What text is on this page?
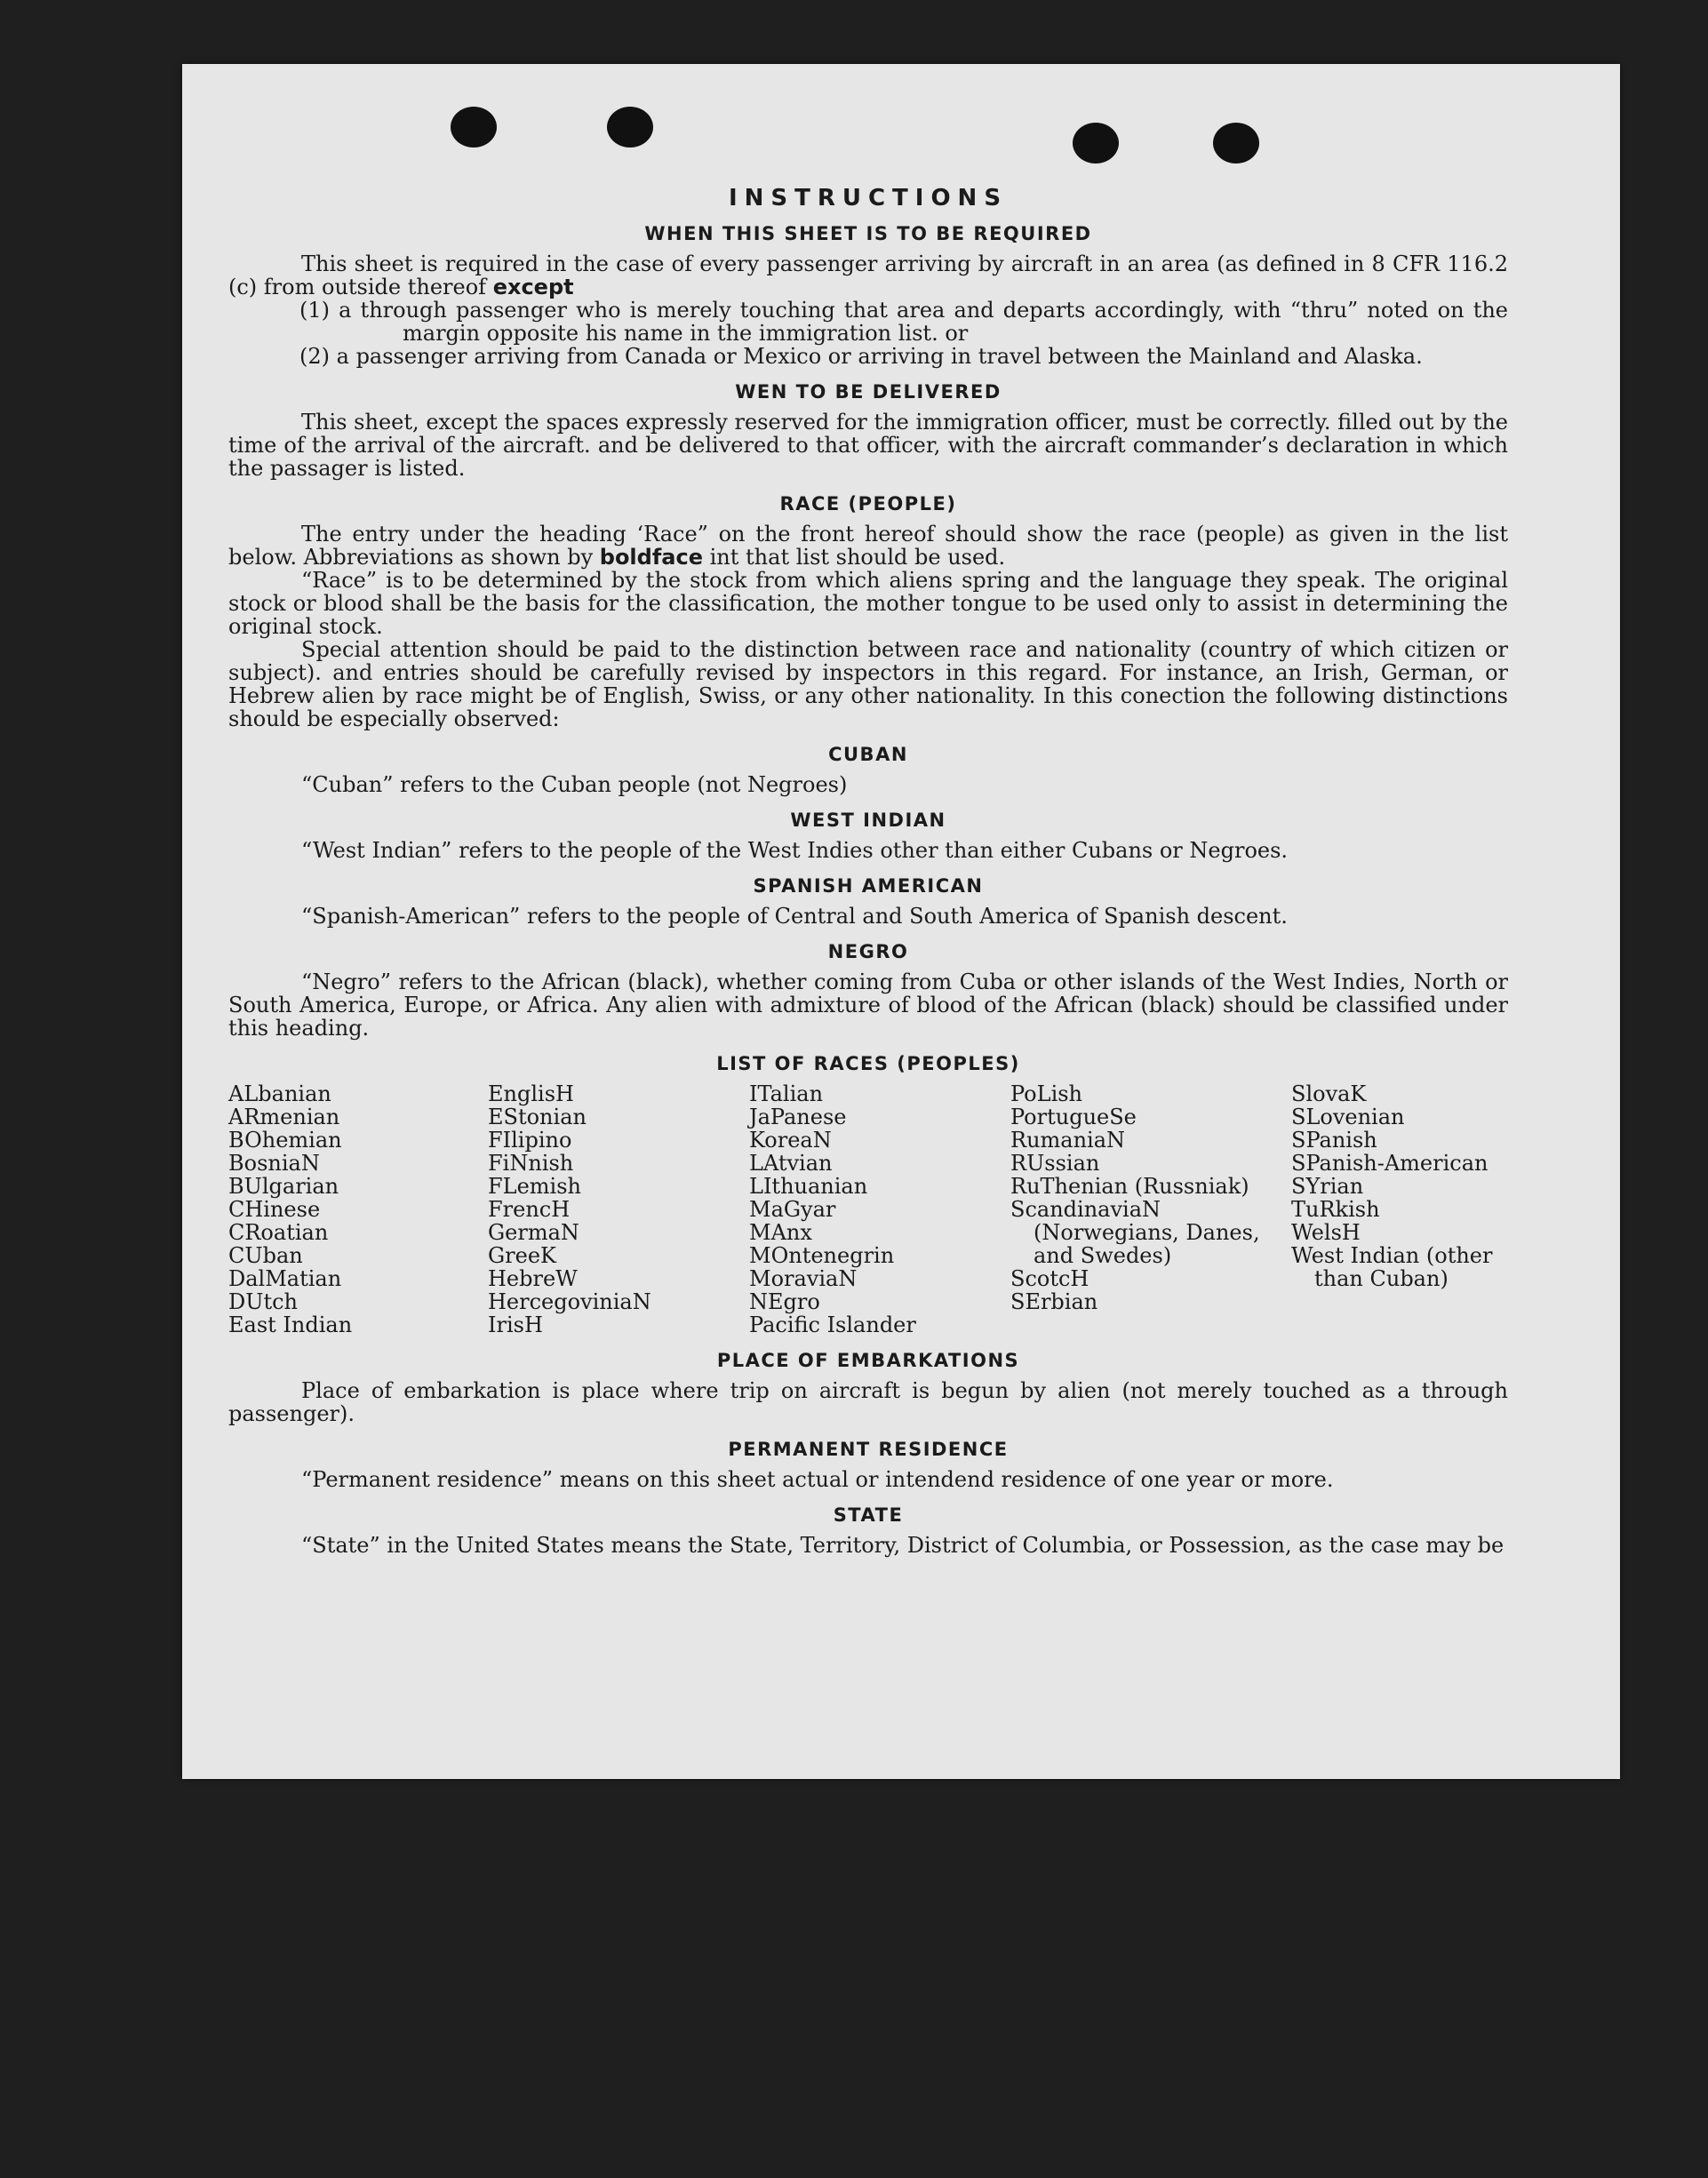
INSTRUCTIONS
WHEN THIS SHEET IS TO BE REQUIRED

This sheet is required in the case of every passenger arriving by aircraft in an area (as defined in 8 CFR 116.2 (c) from outside thereof except

(1) a through passenger who is merely touching that area and departs accordingly, with “thru” noted on the margin opposite his name in the immigration list. or

(2) a passenger arriving from Canada or Mexico or arriving in travel between the Mainland and Alaska.

WEN TO BE DELIVERED

This sheet, except the spaces expressly reserved for the immigration officer, must be correctly. filled out by the time of the arrival of the aircraft. and be delivered to that officer, with the aircraft commander’s declaration in which the passager is listed.

RACE (PEOPLE)

The entry under the heading ‘Race” on the front hereof should show the race (people) as given in the list below. Abbreviations as shown by boldface int that list should be used.

“Race” is to be determined by the stock from which aliens spring and the language they speak. The original stock or blood shall be the basis for the classification, the mother tongue to be used only to assist in determining the original stock.

Special attention should be paid to the distinction between race and nationality (country of which citizen or subject). and entries should be carefully revised by inspectors in this regard. For instance, an Irish, German, or Hebrew alien by race might be of English, Swiss, or any other nationality. In this conection the following distinctions should be especially observed:

CUBAN

“Cuban” refers to the Cuban people (not Negroes)

WEST INDIAN

“West Indian” refers to the people of the West Indies other than either Cubans or Negroes.

SPANISH AMERICAN

“Spanish-American” refers to the people of Central and South America of Spanish descent.

NEGRO

“Negro” refers to the African (black), whether coming from Cuba or other islands of the West Indies, North or South America, Europe, or Africa. Any alien with admixture of blood of the African (black) should be classified under this heading.

LIST OF RACES (PEOPLES)
ALbanian
ARmenian
BOhemian
BosniaN
BUlgarian
CHinese
CRoatian
CUban
DalMatian
DUtch
East Indian
EnglisH
EStonian
FIlipino
FiNnish
FLemish
FrencH
GermaN
GreeK
HebreW
HercegoviniaN
IrisH
ITalian
JaPanese
KoreaN
LAtvian
LIthuanian
MaGyar
MAnx
MOntenegrin
MoraviaN
NEgro
Pacific Islander
PoLish
PortugueSe
RumaniaN
RUssian
RuThenian (Russniak)
ScandinaviaN (Norwegians, Danes, and Swedes)
ScotcH
SErbian
SlovaK
SLovenian
SPanish
SPanish-American
SYrian
TuRkish
WelsH
West Indian (other than Cuban)
PLACE OF EMBARKATIONS

Place of embarkation is place where trip on aircraft is begun by alien (not merely touched as a through passenger).

PERMANENT RESIDENCE

“Permanent residence” means on this sheet actual or intendend residence of one year or more.

STATE

“State” in the United States means the State, Territory, District of Columbia, or Possession, as the case may be
